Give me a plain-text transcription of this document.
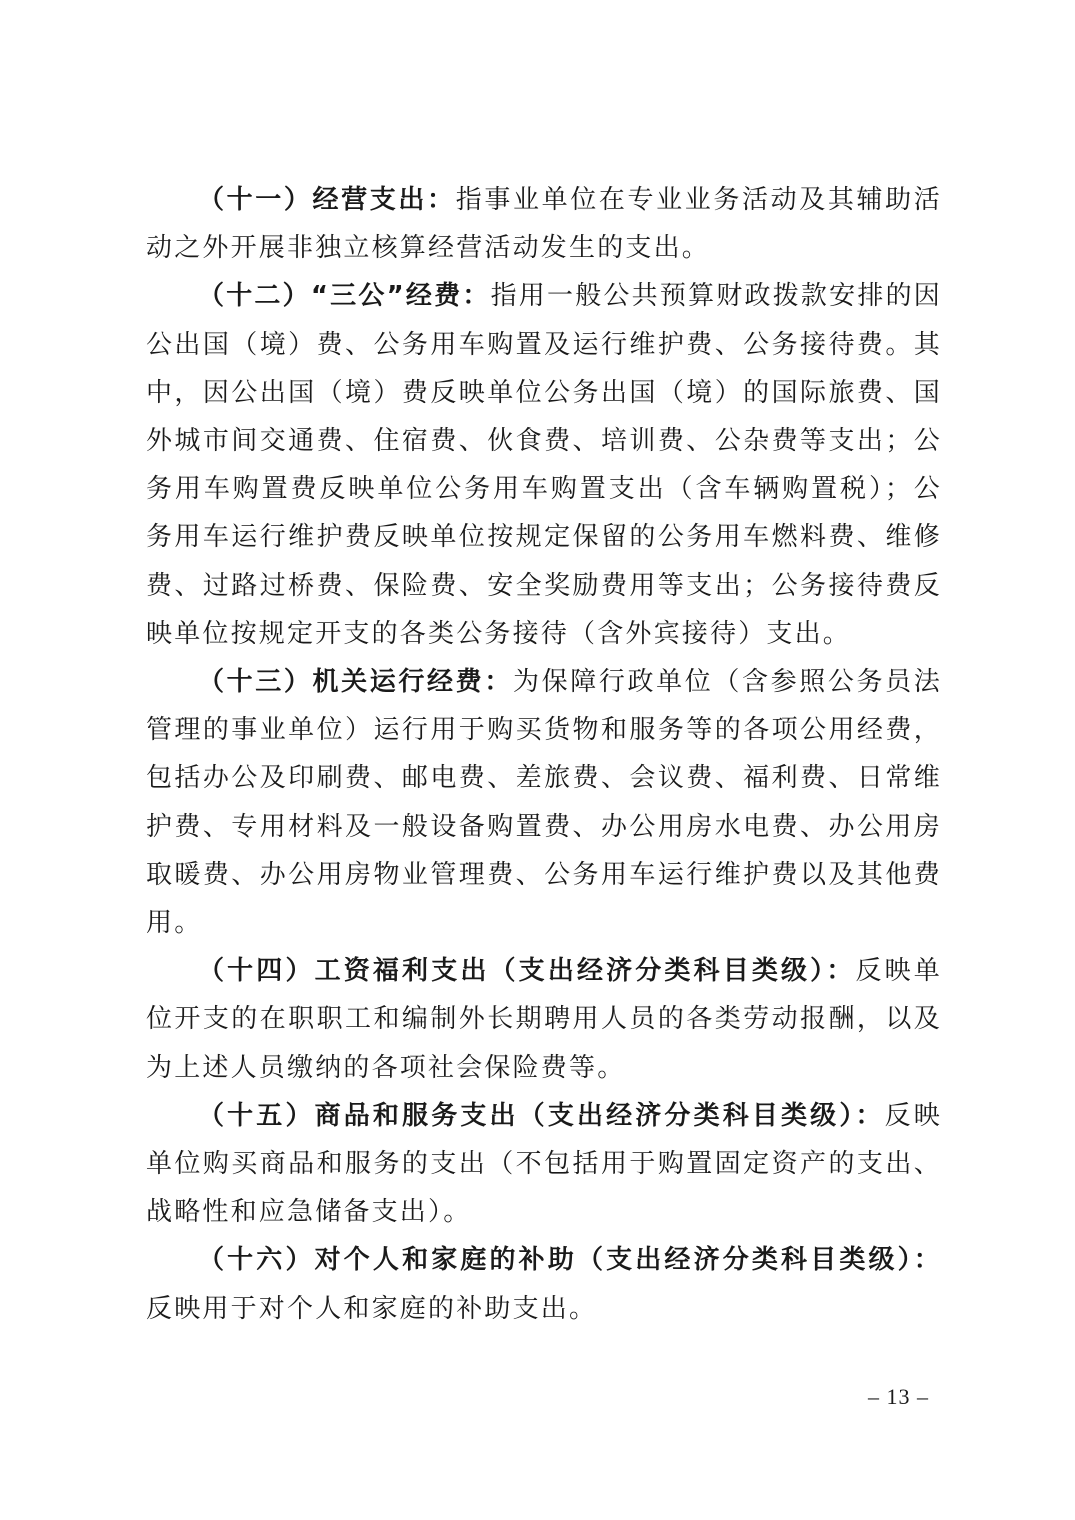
（十一）经营支出：指事业单位在专业业务活动及其辅助活动之外开展非独立核算经营活动发生的支出。

（十二）“三公”经费：指用一般公共预算财政拨款安排的因公出国（境）费、公务用车购置及运行维护费、公务接待费。其中，因公出国（境）费反映单位公务出国（境）的国际旅费、国外城市间交通费、住宿费、伙食费、培训费、公杂费等支出；公务用车购置费反映单位公务用车购置支出（含车辆购置税）；公务用车运行维护费反映单位按规定保留的公务用车燃料费、维修费、过路过桥费、保险费、安全奖励费用等支出；公务接待费反映单位按规定开支的各类公务接待（含外宾接待）支出。

（十三）机关运行经费：为保障行政单位（含参照公务员法管理的事业单位）运行用于购买货物和服务等的各项公用经费，包括办公及印刷费、邮电费、差旅费、会议费、福利费、日常维护费、专用材料及一般设备购置费、办公用房水电费、办公用房取暖费、办公用房物业管理费、公务用车运行维护费以及其他费用。

（十四）工资福利支出（支出经济分类科目类级）：反映单位开支的在职职工和编制外长期聘用人员的各类劳动报酬，以及为上述人员缴纳的各项社会保险费等。

（十五）商品和服务支出（支出经济分类科目类级）：反映单位购买商品和服务的支出（不包括用于购置固定资产的支出、战略性和应急储备支出）。

（十六）对个人和家庭的补助（支出经济分类科目类级）：反映用于对个人和家庭的补助支出。

– 13 –
